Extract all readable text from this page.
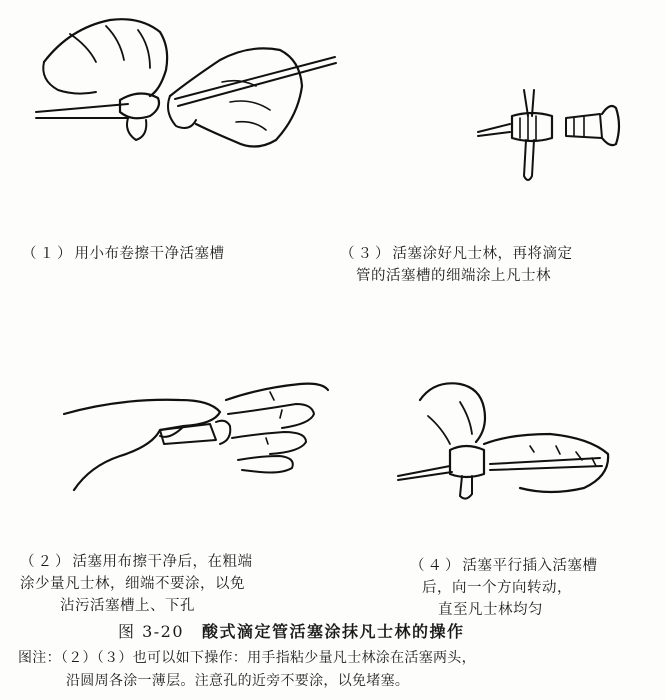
（１）用小布卷擦干净活塞槽	（３）活塞涂好凡士林，再将滴定
管的活塞槽的细端涂上凡士林
（２）活塞用布擦干净后，在粗端
涂少量凡士林，细端不要涂，以免
沾污活塞槽上、下孔
（４）活塞平行插入活塞槽
后，向一个方向转动，
直至凡士林均匀
图 3-20 酸式滴定管活塞涂抹凡士林的操作
图注：（２）（３）也可以如下操作：用手指粘少量凡士林涂在活塞两头，
沿圆周各涂一薄层。注意孔的近旁不要涂，以免堵塞。
